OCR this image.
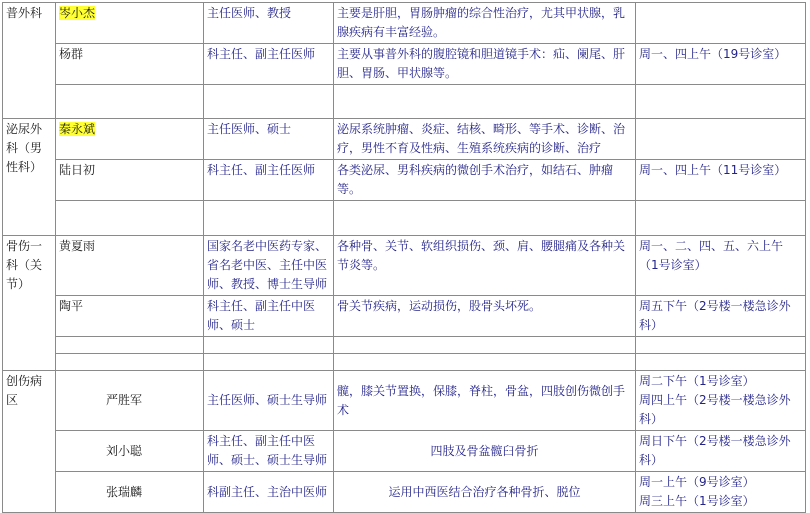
普外科	岑小杰	主任医师、教授	主要是肝胆，胃肠肿瘤的综合性治疗，尤其甲状腺，乳腺疾病有丰富经验。	
	杨群	科主任、副主任医师	主要从事普外科的腹腔镜和胆道镜手术：疝、阑尾、肝胆、胃肠、甲状腺等。	周一、四上午（19号诊室）

泌尿外科（男性科）	秦永斌	主任医师、硕士	泌尿系统肿瘤、炎症、结核、畸形、等手术、诊断、治疗，男性不育及性病、生殖系统疾病的诊断、治疗	
	陆日初	科主任、副主任医师	各类泌尿、男科疾病的微创手术治疗，如结石、肿瘤等。	周一、四上午（11号诊室）

骨伤一科（关节）	黄夏雨	国家名老中医药专家、省名老中医、主任中医师、教授、博士生导师	各种骨、关节、软组织损伤、颈、肩、腰腿痛及各种关节炎等。	周一、二、四、五、六上午（1号诊室）

	陶平	科主任、副主任中医师、硕士	骨关节疾病，运动损伤，股骨头坏死。	周五下午（2号楼一楼急诊外科）

创伤病区	严胜军	主任医师、硕士生导师	髋，膝关节置换，保膝，脊柱，骨盆，四肢创伤微创手术	周二下午（1号诊室）
周四上午（2号楼一楼急诊外科）

	刘小聪	科主任、副主任中医师、硕士、硕士生导师	四肢及骨盆髋臼骨折	周日下午（2号楼一楼急诊外科）

	张瑞麟	科副主任、主治中医师	运用中西医结合治疗各种骨折、脱位	周一上午（9号诊室）
周三上午（1号诊室）
